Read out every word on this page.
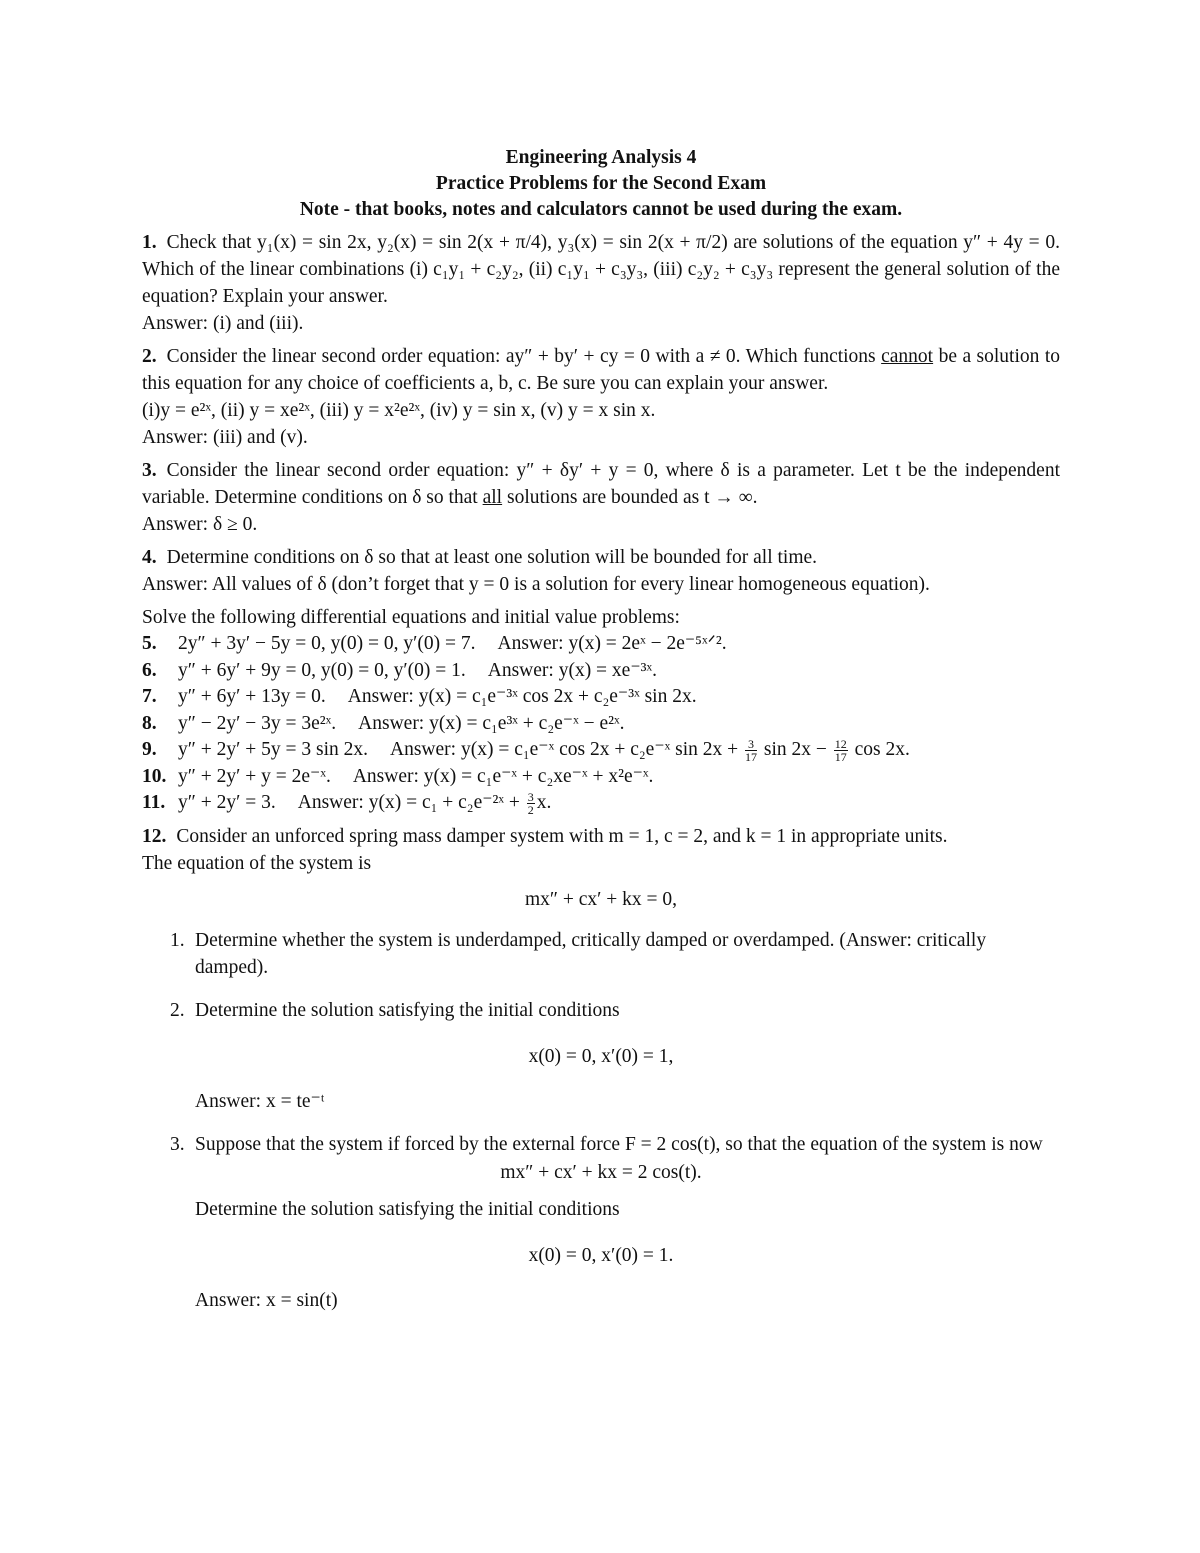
Engineering Analysis 4
Practice Problems for the Second Exam
Note - that books, notes and calculators cannot be used during the exam.
1. Check that y₁(x) = sin 2x, y₂(x) = sin 2(x + π/4), y₃(x) = sin 2(x + π/2) are solutions of the equation y″ + 4y = 0. Which of the linear combinations (i) c₁y₁ + c₂y₂, (ii) c₁y₁ + c₃y₃, (iii) c₂y₂ + c₃y₃ represent the general solution of the equation? Explain your answer.
Answer: (i) and (iii).
2. Consider the linear second order equation: ay″ + by′ + cy = 0 with a ≠ 0. Which functions cannot be a solution to this equation for any choice of coefficients a, b, c. Be sure you can explain your answer.
(i)y = e²ˣ, (ii) y = xe²ˣ, (iii) y = x²e²ˣ, (iv) y = sin x, (v) y = x sin x.
Answer: (iii) and (v).
3. Consider the linear second order equation: y″ + δy′ + y = 0, where δ is a parameter. Let t be the independent variable. Determine conditions on δ so that all solutions are bounded as t → ∞.
Answer: δ ≥ 0.
4. Determine conditions on δ so that at least one solution will be bounded for all time.
Answer: All values of δ (don’t forget that y = 0 is a solution for every linear homogeneous equation).
Solve the following differential equations and initial value problems:
5. 2y″ + 3y′ − 5y = 0, y(0) = 0, y′(0) = 7. Answer: y(x) = 2eˣ − 2e⁻⁵ˣᐟ².
6. y″ + 6y′ + 9y = 0, y(0) = 0, y′(0) = 1. Answer: y(x) = xe⁻³ˣ.
7. y″ + 6y′ + 13y = 0. Answer: y(x) = c₁e⁻³ˣ cos 2x + c₂e⁻³ˣ sin 2x.
8. y″ − 2y′ − 3y = 3e²ˣ. Answer: y(x) = c₁e³ˣ + c₂e⁻ˣ − e²ˣ.
9. y″ + 2y′ + 5y = 3 sin 2x. Answer: y(x) = c₁e⁻ˣ cos 2x + c₂e⁻ˣ $\sin 2x + \frac{3}{17}$ $\sin 2x - \frac{12}{17}$ cos 2x.
10. y″ + 2y′ + y = 2e⁻ˣ. Answer: y(x) = c₁e⁻ˣ + c₂xe⁻ˣ + x²e⁻ˣ.
11. y″ + 2y′ = 3. Answer: y(x) = c₁ + c₂e⁻²ˣ + $\frac{3}{2} x$.
12. Consider an unforced spring mass damper system with m = 1, c = 2, and k = 1 in appropriate units.
The equation of the system is
mx″ + cx′ + kx = 0,
1. Determine whether the system is underdamped, critically damped or overdamped. (Answer: critically damped).
2. Determine the solution satisfying the initial conditions
x(0) = 0, x′(0) = 1,
Answer: x = te⁻ᵗ
3. Suppose that the system if forced by the external force F = 2 cos(t), so that the equation of the system is now
mx″ + cx′ + kx = 2 cos(t).
Determine the solution satisfying the initial conditions
x(0) = 0, x′(0) = 1.
Answer: x = sin(t)
